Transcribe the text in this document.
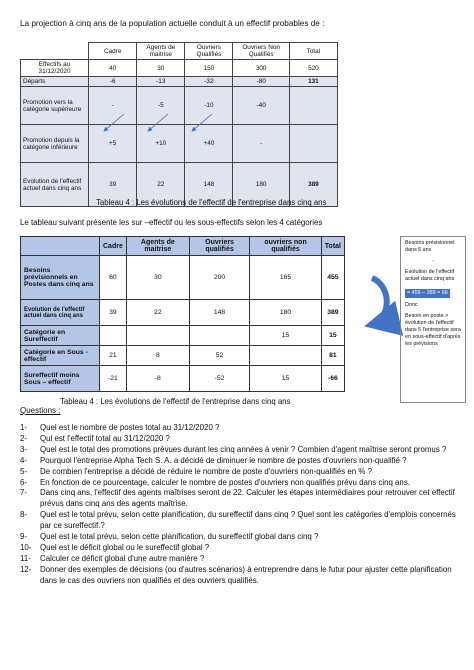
La projection à cinq ans de la population actuelle conduit à un effectif probables de :
	Cadre	Agents de maitrise	Ouvriers Qualifiés	Ouvriers Non Qualifiés	Total
Effectifs au 31/12/2020	40	30	150	300	520
Départs	-6	-13	-32	-80	131
Promotion vers la catégorie supérieure	-	-5	-10	-40	
Promotion depuis la catégorie inférieure	+5	+10	+40	-	
Evolution de l'effectif actuel dans cinq ans	39	22	148	180	389
Tableau 4 : Les évolutions de l'effectif de l'entreprise dans cinq ans
Le tableau suivant présente les sur –effectif ou les sous-effectifs selon les 4 catégories
	Cadre	Agents de maitrise	Ouvriers qualifiés	ouvriers non qualifiés	Total
Besoins prévisionnels en Postes dans cinq ans	60	30	200	165	455
Evolution de l'effectif actuel dans cinq ans	39	22	148	180	389
Catégorie en Sureffectif				15	15
Catégorie en Sous -effectif	21	8	52		81
Sureffectif moins Sous – effectif	-21	-8	-52	15	-66

Besoins prévisionnel dans 5 ans

-

Evolution de l'effectif actuel dans cinq ans

= 455 – 389 = 66

Donc

Besoin en poste > évolution de l'effectif dans 5 l'entreprise sera en sous-effectif d'après les prévisions

Tableau 4 : Les évolutions de l'effectif de l'entreprise dans cinq ans
Questions :
1-	Quel est le nombre de postes total au 31/12/2020 ?
2-	Qul est l'effectif total au 31/12/2020 ?
3-	Quel est le total des promotions prévues durant les cinq années à venir ? Combien d'agent maîtrise seront promus ?
4-	Pourquoi l'entreprise Alpha Tech S. A. a décidé de diminuer le nombre de postes d'ouvriers non-qualifié ?
5-	De combien l'entreprise a décidé de réduire le nombre de poste d'ouvriers non-qualifiés en % ?
6-	En fonction de ce pourcentage, calculer le nombre de postes d'ouvriers non qualifiés prévu dans cinq ans.
7-	Dans cinq ans, l'effectif des agents maîtrises seront de 22. Calculer les étapes intermédiaires pour retrouver cet effectif prévus dans cinq ans des agents maîtrise.
8-	Quel est le total prévu, selon cette planification, du sureffectif dans cinq ? Quel sont les catégories d'emplois concernés par ce sureffectif.?
9-	Quel est le total prévu, selon cette planification, du sureffectif global dans cinq ?
10-	Quel est le déficit global ou le sureffectif global ?
11-	Calculer ce déficit global d'une autre manière ?
12-	Donner des exemples de décisions (ou d'autres scénarios) à entreprendre dans le futur pour ajuster cette planification dans le cas des ouvriers non qualifiés et des ouvriers qualifiés.
